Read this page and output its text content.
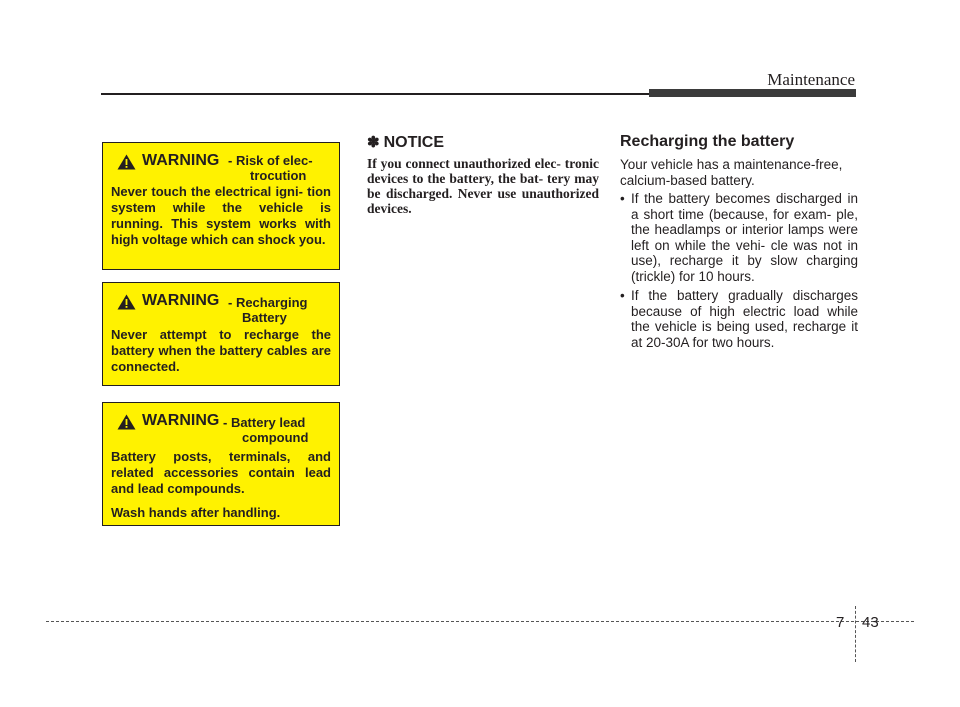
Maintenance
WARNING - Risk of elec-
trocution

Never touch the electrical igni- tion system while the vehicle is running. This system works with high voltage which can shock you.

WARNING - Recharging
Battery

Never attempt to recharge the battery when the battery cables are connected.

WARNING - Battery lead
compound

Battery posts, terminals, and related accessories contain lead and lead compounds.

Wash hands after handling.

✽ NOTICE

If you connect unauthorized elec- tronic devices to the battery, the bat- tery may be discharged. Never use unauthorized devices.

Recharging the battery

Your vehicle has a maintenance-free, calcium-based battery.

• If the battery becomes discharged in a short time (because, for exam- ple, the headlamps or interior lamps were left on while the vehi- cle was not in use), recharge it by slow charging (trickle) for 10 hours.
• If the battery gradually discharges because of high electric load while the vehicle is being used, recharge it at 20-30A for two hours.
7 43
